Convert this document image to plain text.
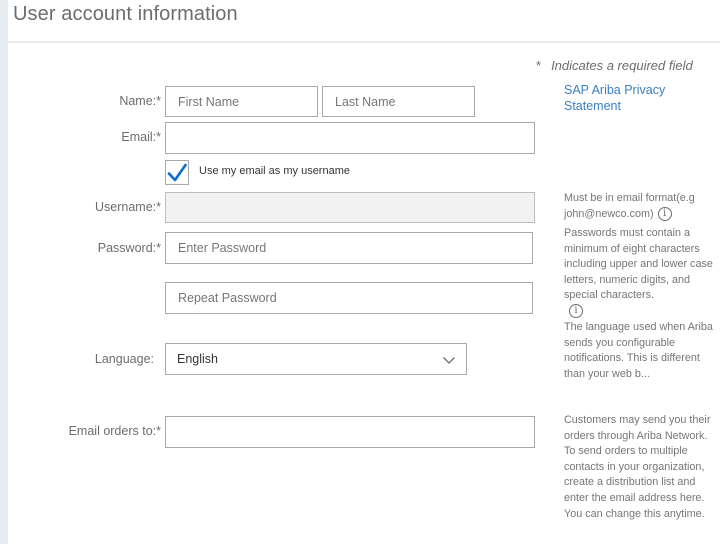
User account information
* Indicates a required field
SAP Ariba Privacy Statement
Name:*
First Name
Last Name
Email:*
Use my email as my username
Username:*
Must be in email format(e.g john@newco.com) i
Password:*
Passwords must contain a minimum of eight characters including upper and lower case letters, numeric digits, and special characters.
i
Language: English
The language used when Ariba sends you configurable notifications. This is different than your web b...
Email orders to:*
Customers may send you their orders through Ariba Network. To send orders to multiple contacts in your organization, create a distribution list and enter the email address here. You can change this anytime.
